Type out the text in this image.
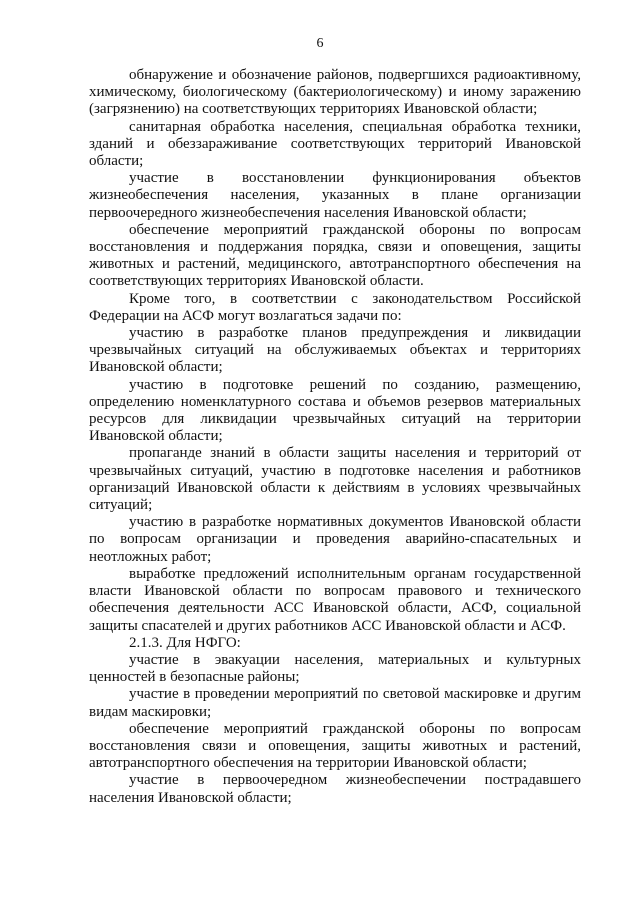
6

обнаружение и обозначение районов, подвергшихся радиоактивному, химическому, биологическому (бактериологическому) и иному заражению (загрязнению) на соответствующих территориях Ивановской области;

санитарная обработка населения, специальная обработка техники, зданий и обеззараживание соответствующих территорий Ивановской области;

участие в восстановлении функционирования объектов жизнеобеспечения населения, указанных в плане организации первоочередного жизнеобеспечения населения Ивановской области;

обеспечение мероприятий гражданской обороны по вопросам восстановления и поддержания порядка, связи и оповещения, защиты животных и растений, медицинского, автотранспортного обеспечения на соответствующих территориях Ивановской области.

Кроме того, в соответствии с законодательством Российской Федерации на АСФ могут возлагаться задачи по:

участию в разработке планов предупреждения и ликвидации чрезвычайных ситуаций на обслуживаемых объектах и территориях Ивановской области;

участию в подготовке решений по созданию, размещению, определению номенклатурного состава и объемов резервов материальных ресурсов для ликвидации чрезвычайных ситуаций на территории Ивановской области;

пропаганде знаний в области защиты населения и территорий от чрезвычайных ситуаций, участию в подготовке населения и работников организаций Ивановской области к действиям в условиях чрезвычайных ситуаций;

участию в разработке нормативных документов Ивановской области по вопросам организации и проведения аварийно-спасательных и неотложных работ;

выработке предложений исполнительным органам государственной власти Ивановской области по вопросам правового и технического обеспечения деятельности АСС Ивановской области, АСФ, социальной защиты спасателей и других работников АСС Ивановской области и АСФ.

2.1.3. Для НФГО:

участие в эвакуации населения, материальных и культурных ценностей в безопасные районы;

участие в проведении мероприятий по световой маскировке и другим видам маскировки;

обеспечение мероприятий гражданской обороны по вопросам восстановления связи и оповещения, защиты животных и растений, автотранспортного обеспечения на территории Ивановской области;

участие в первоочередном жизнеобеспечении пострадавшего населения Ивановской области;
